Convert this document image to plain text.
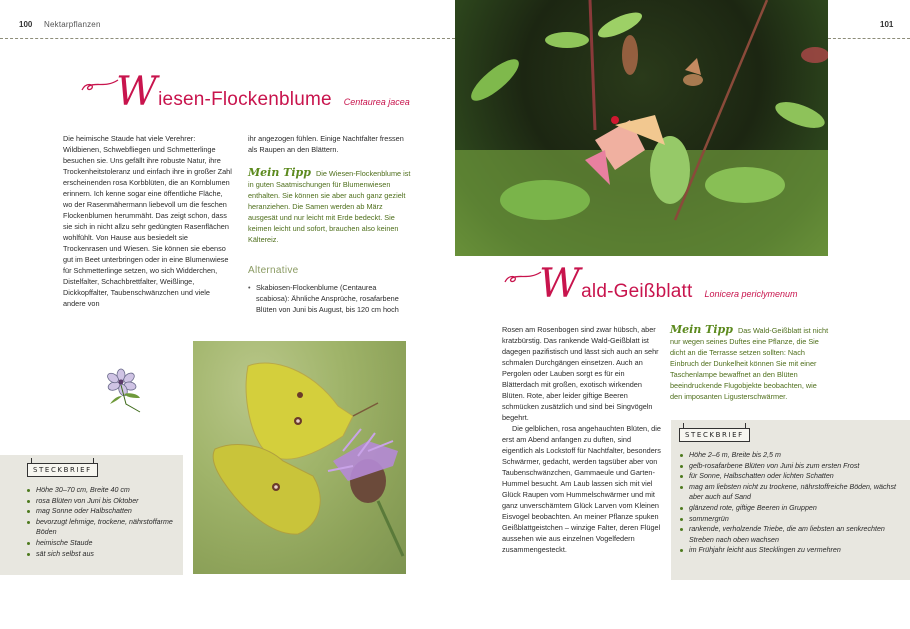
100 Nektarpflanzen
W iesen-Flockenblume Centaurea jacea

Die heimische Staude hat viele Verehrer: Wildbienen, Schwebfliegen und Schmetterlinge besuchen sie. Uns gefällt ihre robuste Natur, ihre Trockenheitstoleranz und einfach ihre in großer Zahl erscheinenden rosa Korbblüten, die an Kornblumen erinnern. Ich kenne sogar eine öffentliche Fläche, wo der Rasenmähermann liebevoll um die feschen Flockenblumen herummäht. Das zeigt schon, dass sie sich in nicht allzu sehr gedüngten Rasenflächen wohlfühlt. Von Hause aus besiedelt sie Trockenrasen und Wiesen. Sie können sie ebenso gut im Beet unterbringen oder in eine Blumenwiese für Schmetterlinge setzen, wo sich Widderchen, Distelfalter, Schachbrettfalter, Weißlinge, Dickkopffalter, Taubenschwänzchen und viele andere von

ihr angezogen fühlen. Einige Nachtfalter fressen als Raupen an den Blättern.

Mein Tipp Die Wiesen-Flockenblume ist in guten Saatmischungen für Blumenwiesen enthalten. Sie können sie aber auch ganz gezielt heranziehen. Die Samen werden ab März ausgesät und nur leicht mit Erde bedeckt. Sie keimen leicht und sofort, brauchen also keinen Kältereiz.
Alternative
• Skabiosen-Flockenblume (Centaurea scabiosa): Ähnliche Ansprüche, rosafarbene Blüten von Juni bis August, bis 120 cm hoch
STECKBRIEF
Höhe 30–70 cm, Breite 40 cm
rosa Blüten von Juni bis Oktober
mag Sonne oder Halbschatten
bevorzugt lehmige, trockene, nährstoffarme Böden
heimische Staude
sät sich selbst aus
101
W ald-Geißblatt Lonicera periclymenum

Rosen am Rosenbogen sind zwar hübsch, aber kratzbürstig. Das rankende Wald-Geißblatt ist dagegen pazifistisch und lässt sich auch an sehr schmalen Durchgängen einsetzen. Auch an Pergolen oder Lauben sorgt es für ein Blätterdach mit großen, exotisch wirkenden Blüten. Rote, aber leider giftige Beeren schmücken zusätzlich und sind bei Singvögeln begehrt.

Die gelblichen, rosa angehauchten Blüten, die erst am Abend anfangen zu duften, sind eigentlich als Lockstoff für Nachtfalter, besonders Schwärmer, gedacht, werden tagsüber aber von Taubenschwänzchen, Gammaeule und Garten-Hummel besucht. Am Laub lassen sich mit viel Glück Raupen vom Hummelschwärmer und mit ganz unverschämtem Glück Larven vom Kleinen Eisvogel beobachten. An meiner Pflanze spuken Geißblattgeistchen – winzige Falter, deren Flügel aussehen wie aus einzelnen Vogelfedern zusammengesteckt.

Mein Tipp Das Wald-Geißblatt ist nicht nur wegen seines Duftes eine Pflanze, die Sie dicht an die Terrasse setzen sollten: Nach Einbruch der Dunkelheit können Sie mit einer Taschenlampe bewaffnet an den Blüten beeindruckende Flugobjekte beobachten, wie den imposanten Ligusterschwärmer.
STECKBRIEF
Höhe 2–6 m, Breite bis 2,5 m
gelb-rosafarbene Blüten von Juni bis zum ersten Frost
für Sonne, Halbschatten oder lichten Schatten
mag am liebsten nicht zu trockene, nährstoffreiche Böden, wächst aber auch auf Sand
glänzend rote, giftige Beeren in Gruppen
sommergrün
rankende, verholzende Triebe, die am liebsten an senkrechten Streben nach oben wachsen
im Frühjahr leicht aus Stecklingen zu vermehren
